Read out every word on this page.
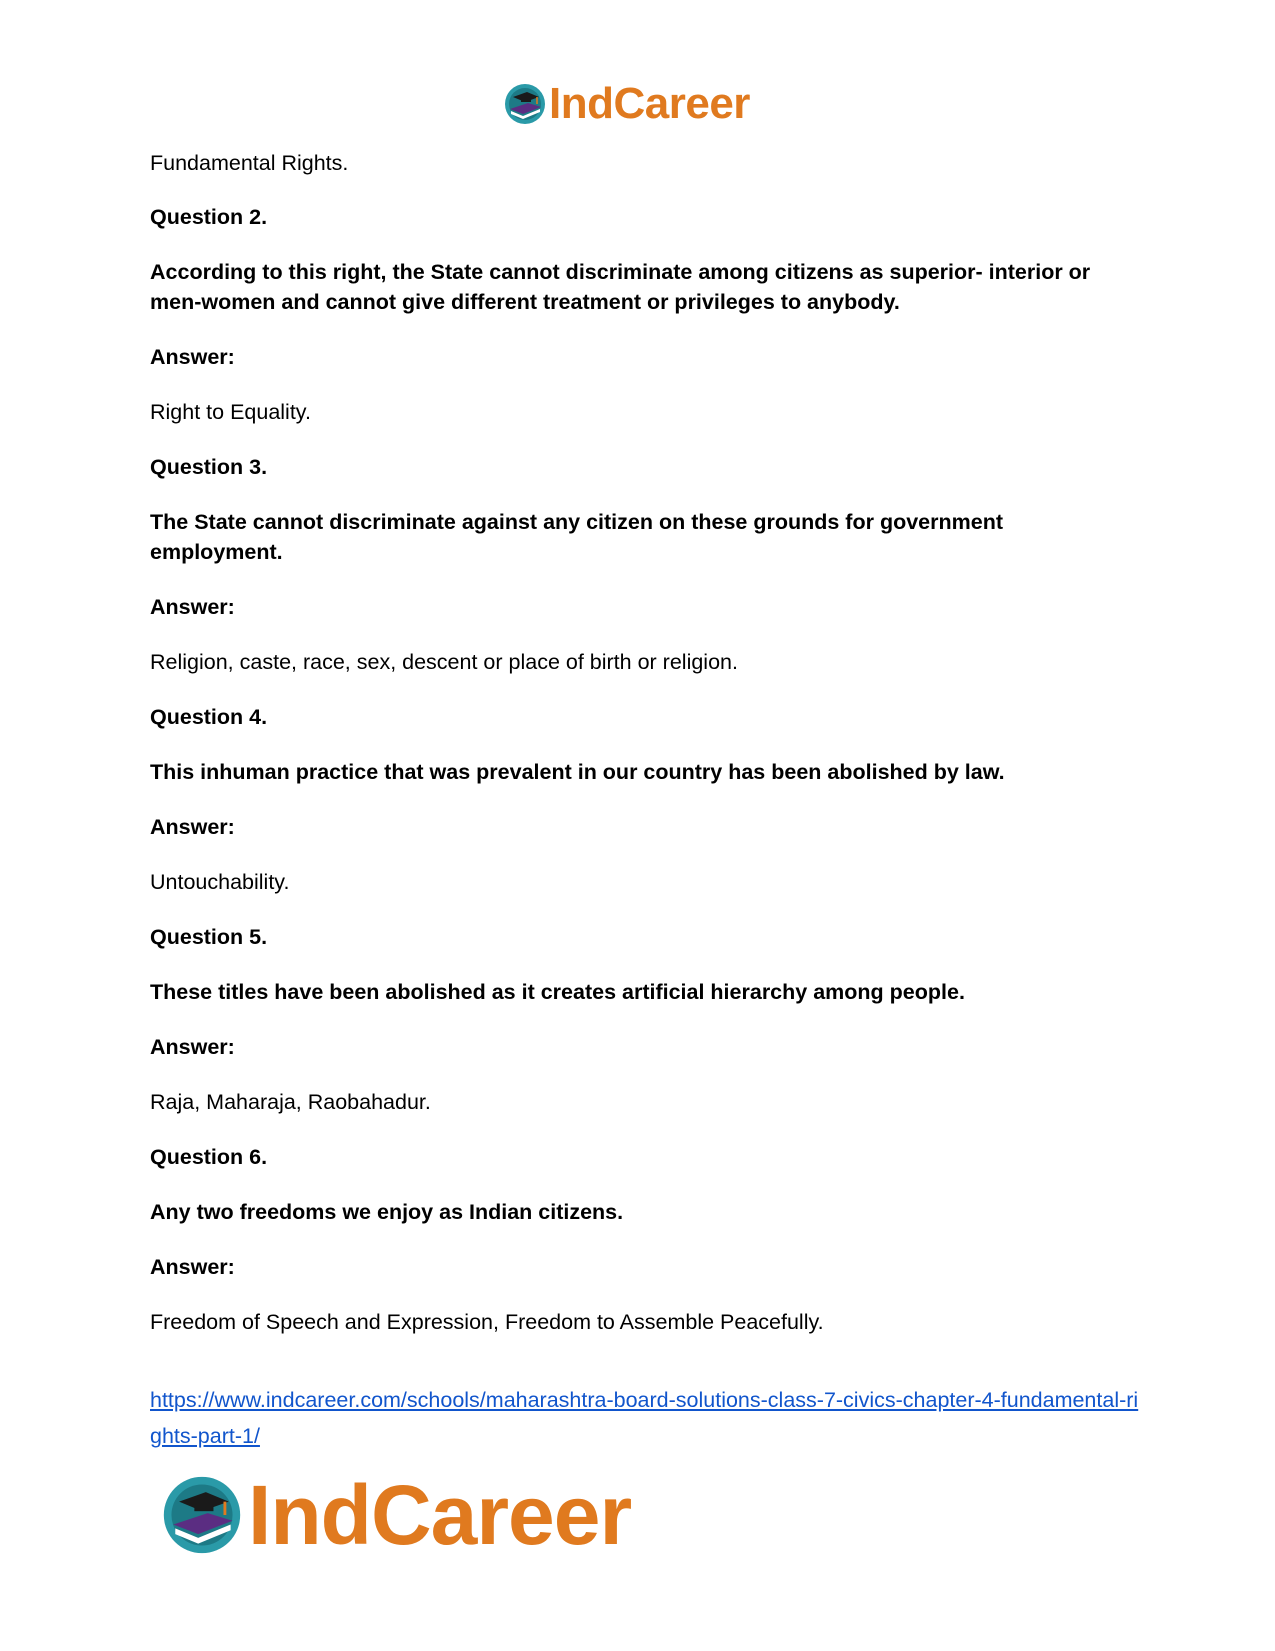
IndCareer

Fundamental Rights.

Question 2.

According to this right, the State cannot discriminate among citizens as superior- interior or men-women and cannot give different treatment or privileges to anybody.

Answer:

Right to Equality.

Question 3.

The State cannot discriminate against any citizen on these grounds for government employment.

Answer:

Religion, caste, race, sex, descent or place of birth or religion.

Question 4.

This inhuman practice that was prevalent in our country has been abolished by law.

Answer:

Untouchability.

Question 5.

These titles have been abolished as it creates artificial hierarchy among people.

Answer:

Raja, Maharaja, Raobahadur.

Question 6.

Any two freedoms we enjoy as Indian citizens.

Answer:

Freedom of Speech and Expression, Freedom to Assemble Peacefully.

https://www.indcareer.com/schools/maharashtra-board-solutions-class-7-civics-chapter-4-fundamental-rights-part-1/

IndCareer
